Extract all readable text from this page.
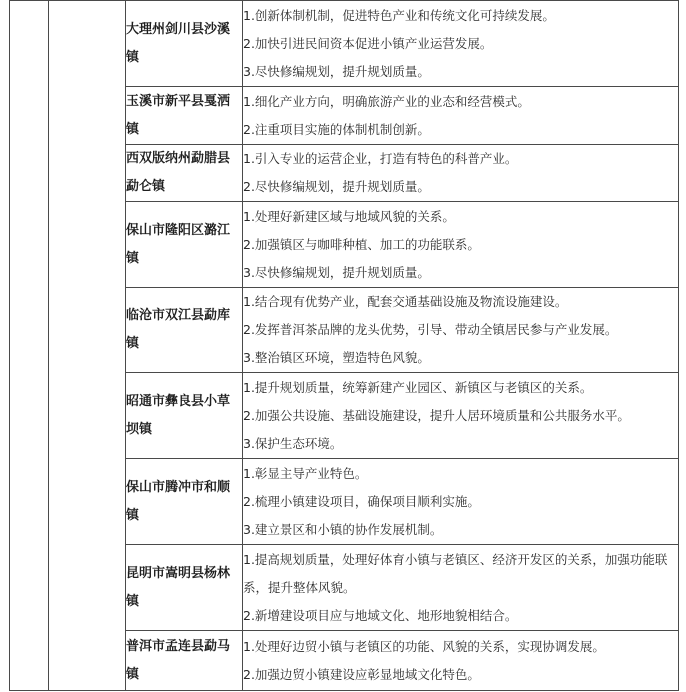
		大理州剑川县沙溪镇	1.创新体制机制，促进特色产业和传统文化可持续发展。
2.加快引进民间资本促进小镇产业运营发展。
3.尽快修编规划，提升规划质量。

		玉溪市新平县戛洒镇	1.细化产业方向，明确旅游产业的业态和经营模式。
2.注重项目实施的体制机制创新。

		西双版纳州勐腊县勐仑镇	1.引入专业的运营企业，打造有特色的科普产业。
2.尽快修编规划，提升规划质量。

		保山市隆阳区潞江镇	1.处理好新建区域与地域风貌的关系。
2.加强镇区与咖啡种植、加工的功能联系。
3.尽快修编规划，提升规划质量。

		临沧市双江县勐库镇	1.结合现有优势产业，配套交通基础设施及物流设施建设。
2.发挥普洱茶品牌的龙头优势，引导、带动全镇居民参与产业发展。
3.整治镇区环境，塑造特色风貌。

		昭通市彝良县小草坝镇	1.提升规划质量，统筹新建产业园区、新镇区与老镇区的关系。
2.加强公共设施、基础设施建设，提升人居环境质量和公共服务水平。
3.保护生态环境。

		保山市腾冲市和顺镇	1.彰显主导产业特色。
2.梳理小镇建设项目，确保项目顺利实施。
3.建立景区和小镇的协作发展机制。

		昆明市嵩明县杨林镇	1.提高规划质量，处理好体育小镇与老镇区、经济开发区的关系，加强功能联系，提升整体风貌。
2.新增建设项目应与地域文化、地形地貌相结合。

		普洱市孟连县勐马镇	1.处理好边贸小镇与老镇区的功能、风貌的关系，实现协调发展。
2.加强边贸小镇建设应彰显地域文化特色。
